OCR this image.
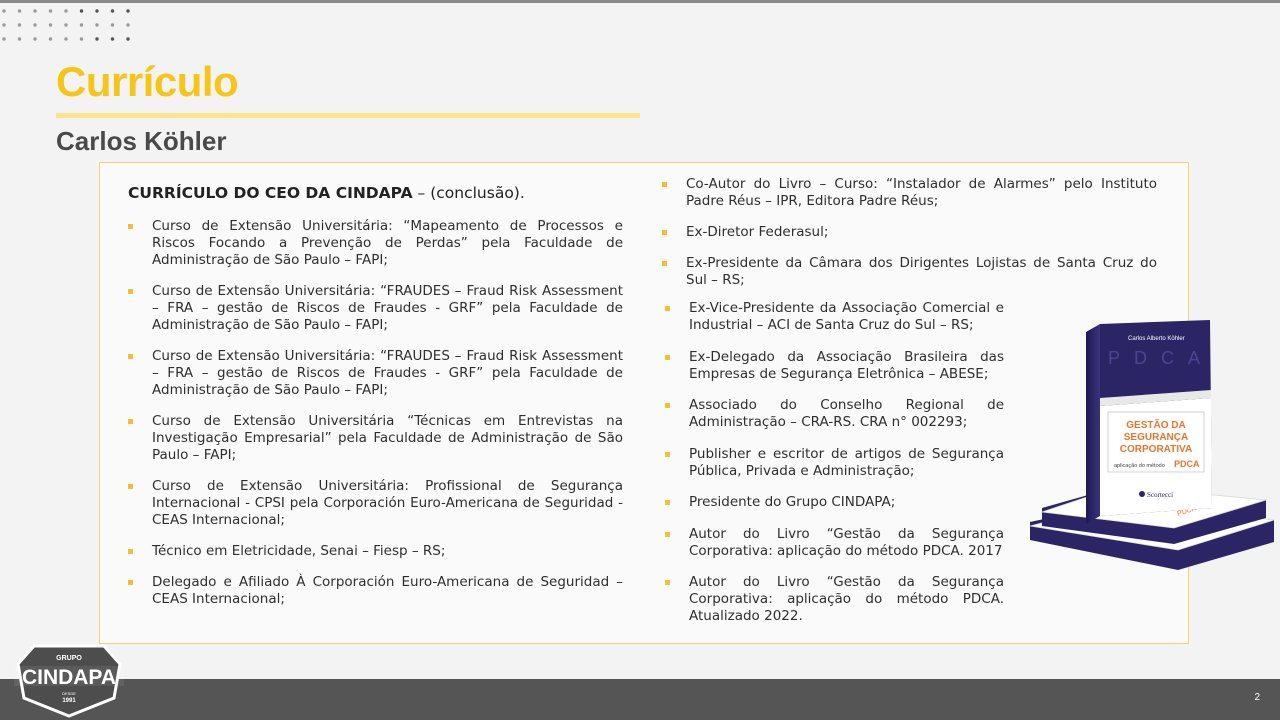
Currículo
Carlos Köhler
CURRÍCULO DO CEO DA CINDAPA – (conclusão).
Curso de Extensão Universitária: “Mapeamento de Processos e Riscos Focando a Prevenção de Perdas” pela Faculdade de Administração de São Paulo – FAPI;
Curso de Extensão Universitária: “FRAUDES – Fraud Risk Assessment – FRA – gestão de Riscos de Fraudes - GRF” pela Faculdade de Administração de São Paulo – FAPI;
Curso de Extensão Universitária: “FRAUDES – Fraud Risk Assessment – FRA – gestão de Riscos de Fraudes - GRF” pela Faculdade de Administração de São Paulo – FAPI;
Curso de Extensão Universitária “Técnicas em Entrevistas na Investigação Empresarial” pela Faculdade de Administração de São Paulo – FAPI;
Curso de Extensão Universitária: Profissional de Segurança Internacional - CPSI pela Corporación Euro-Americana de Seguridad - CEAS Internacional;
Técnico em Eletricidade, Senai – Fiesp – RS;
Delegado e Afiliado À Corporación Euro-Americana de Seguridad – CEAS Internacional;
Co-Autor do Livro – Curso: “Instalador de Alarmes” pelo Instituto Padre Réus – IPR, Editora Padre Réus;
Ex-Diretor Federasul;
Ex-Presidente da Câmara dos Dirigentes Lojistas de Santa Cruz do Sul – RS;
Ex-Vice-Presidente da Associação Comercial e Industrial – ACI de Santa Cruz do Sul – RS;
Ex-Delegado da Associação Brasileira das Empresas de Segurança Eletrônica – ABESE;
Associado do Conselho Regional de Administração – CRA-RS. CRA n° 002293;
Publisher e escritor de artigos de Segurança Pública, Privada e Administração;
Presidente do Grupo CINDAPA;
Autor do Livro “Gestão da Segurança Corporativa: aplicação do método PDCA. 2017
Autor do Livro “Gestão da Segurança Corporativa: aplicação do método PDCA. Atualizado 2022.
PDCA
Carlos Alberto Köhler
PDCA
GESTÃO DA
SEGURANÇA
CORPORATIVA
aplicação do método PDCA
Scortecci
2
GRUPO
CINDAPA
DESDE
1991
